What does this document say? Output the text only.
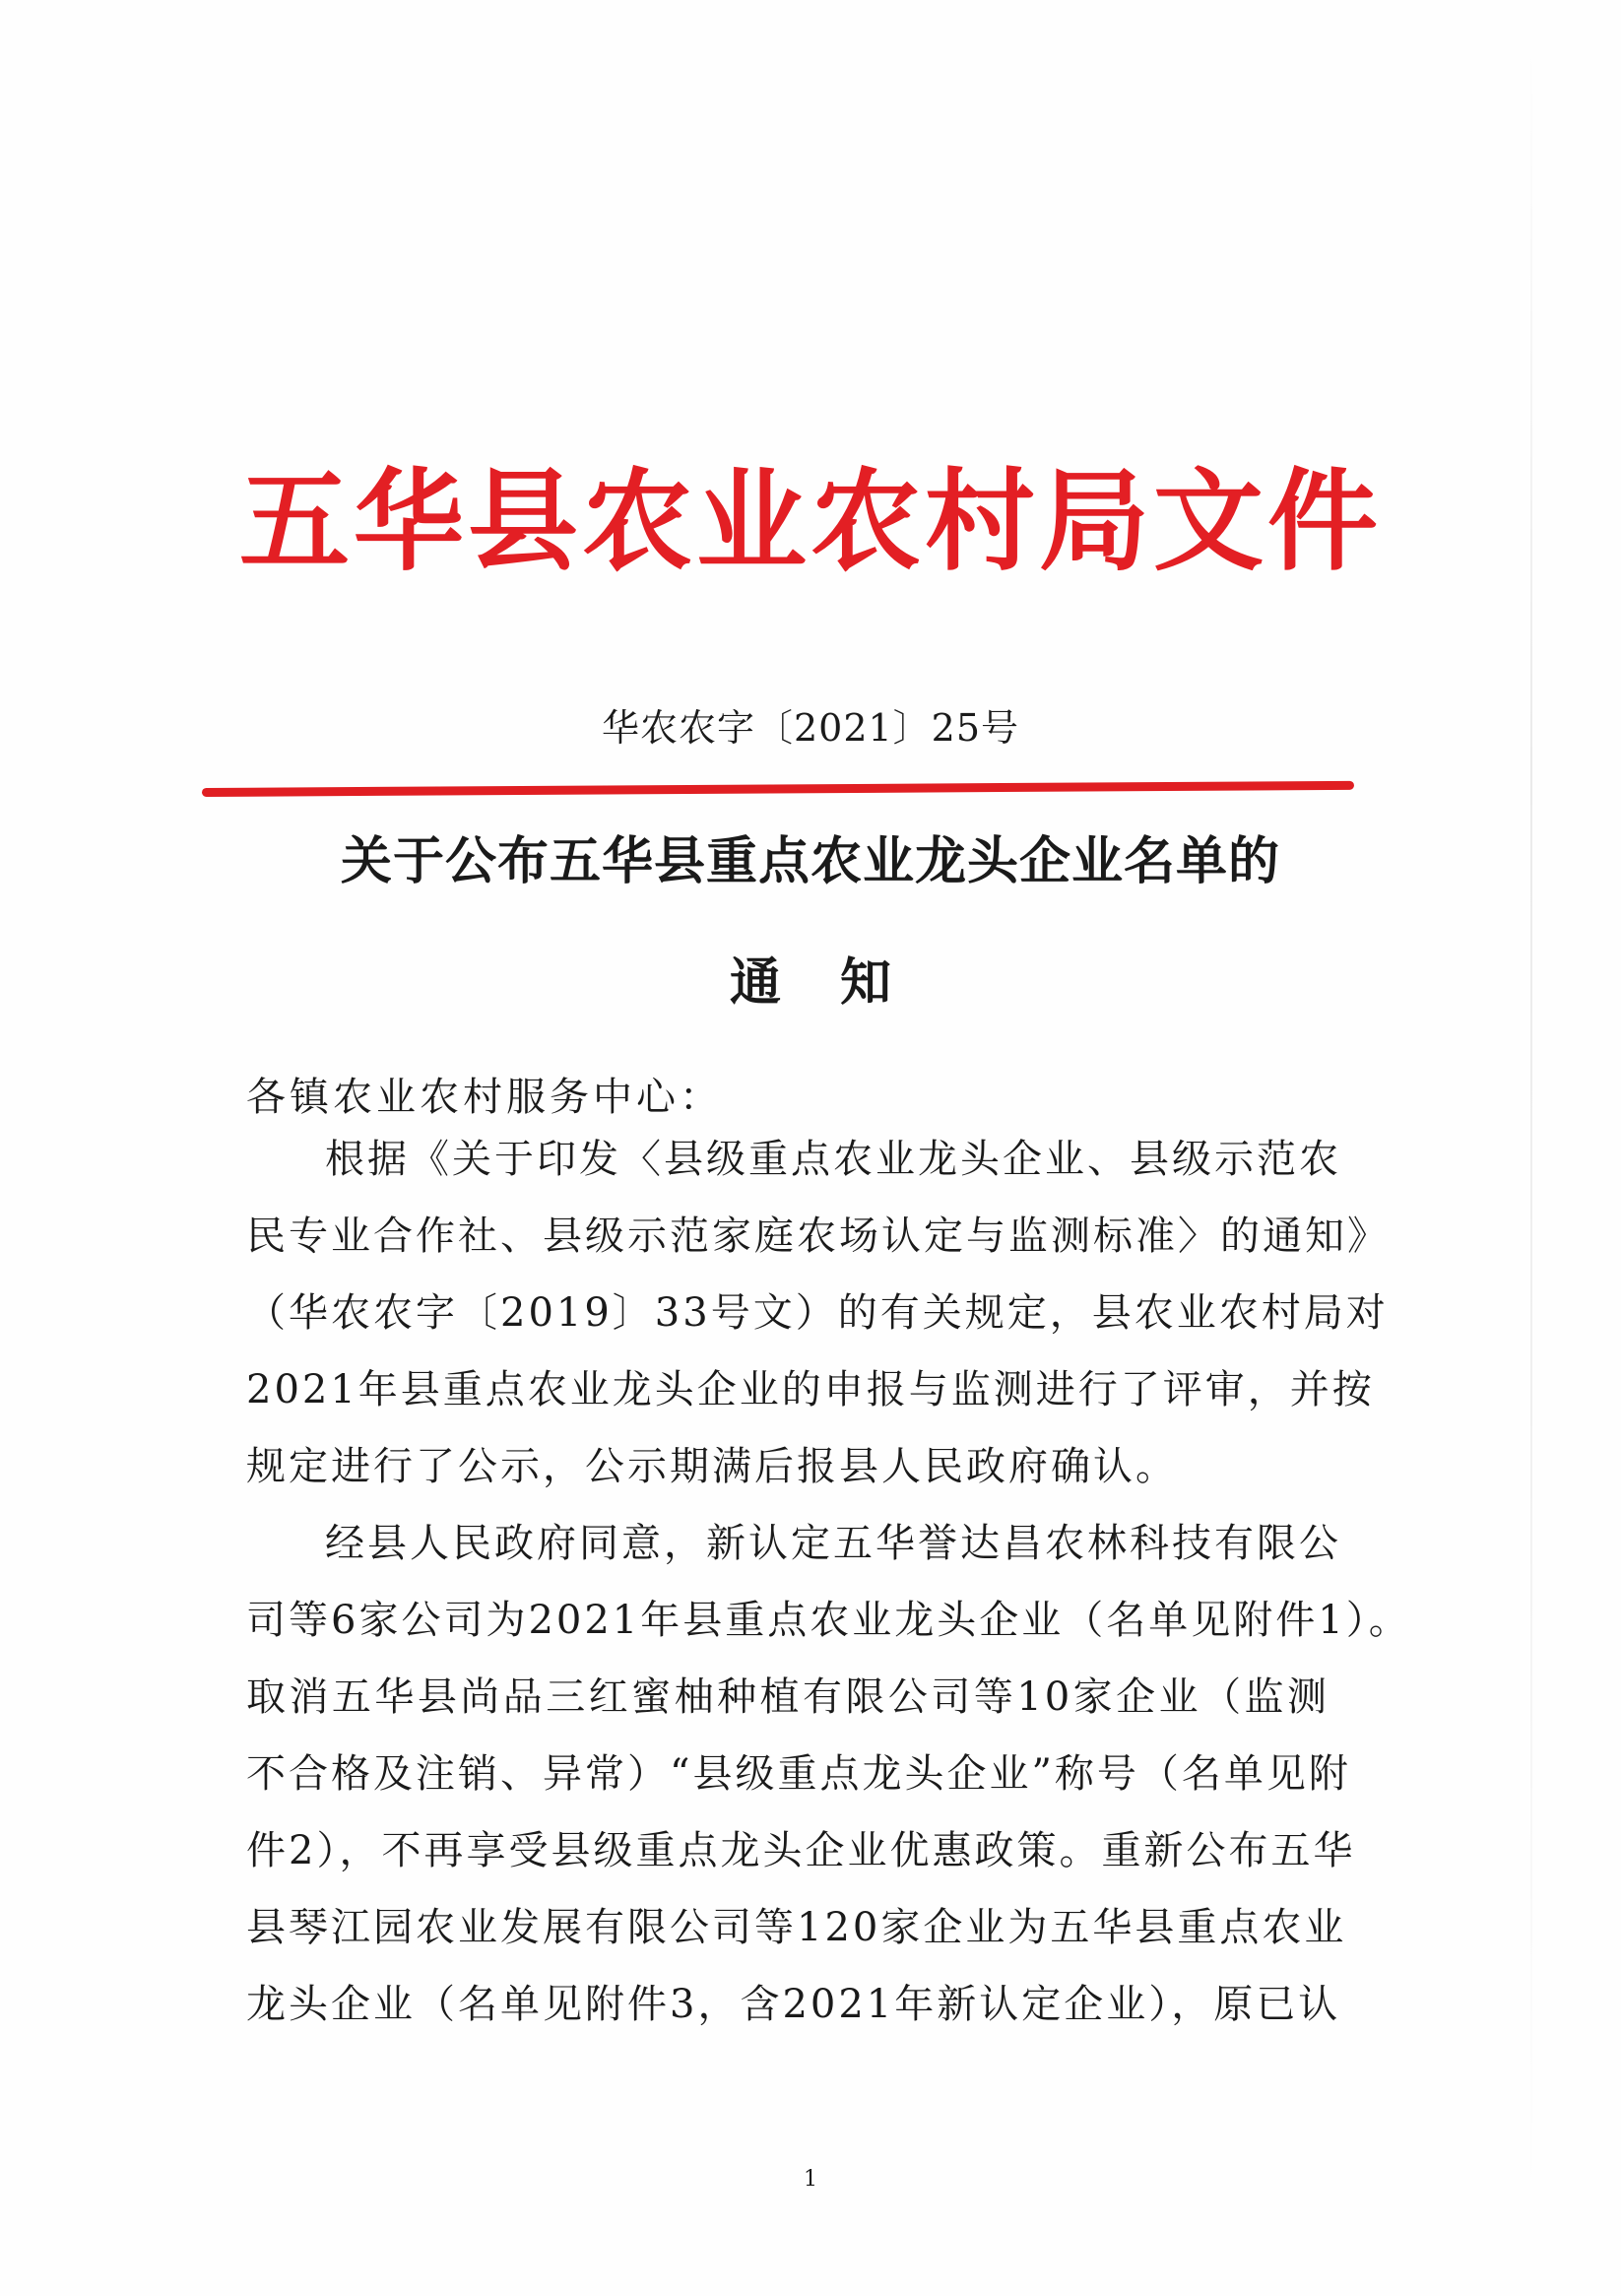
五华县农业农村局文件
华农农字〔2021〕25号
关于公布五华县重点农业龙头企业名单的
通知
各镇农业农村服务中心：
根据《关于印发〈县级重点农业龙头企业、县级示范农
民专业合作社、县级示范家庭农场认定与监测标准〉的通知》
（华农农字〔2019〕33号文）的有关规定，县农业农村局对
2021年县重点农业龙头企业的申报与监测进行了评审，并按
规定进行了公示，公示期满后报县人民政府确认。
经县人民政府同意，新认定五华誉达昌农林科技有限公
司等6家公司为2021年县重点农业龙头企业（名单见附件1）。
取消五华县尚品三红蜜柚种植有限公司等10家企业（监测
不合格及注销、异常）“县级重点龙头企业”称号（名单见附
件2），不再享受县级重点龙头企业优惠政策。重新公布五华
县琴江园农业发展有限公司等120家企业为五华县重点农业
龙头企业（名单见附件3，含2021年新认定企业），原已认
1
